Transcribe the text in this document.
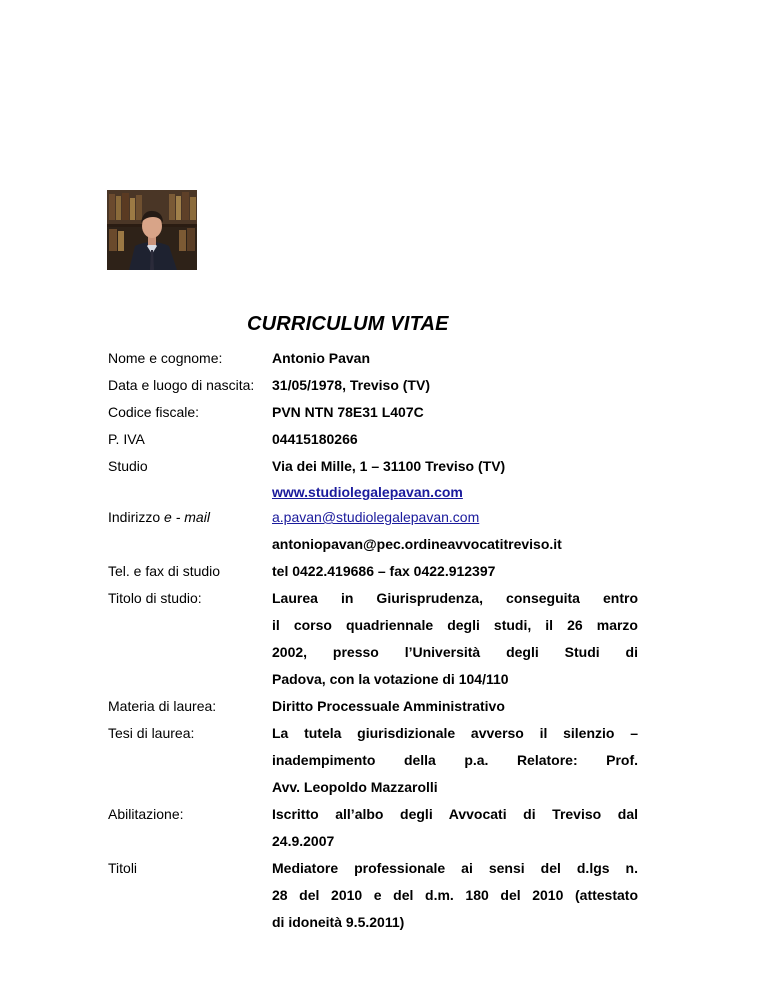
CURRICULUM VITAE
Nome e cognome:	Antonio Pavan
Data e luogo di nascita: 31/05/1978, Treviso (TV)
Codice fiscale:	PVN NTN 78E31 L407C
P. IVA	04415180266
Studio	Via dei Mille, 1 – 31100 Treviso (TV)
www.studiolegalepavan.com
Indirizzo e - mail	a.pavan@studiolegalepavan.com
antoniopavan@pec.ordineavvocatitreviso.it
Tel. e fax di studio	tel 0422.419686 – fax 0422.912397
Titolo di studio:	Laurea in Giurisprudenza, conseguita entro
il corso quadriennale degli studi, il 26 marzo
2002, presso l’Università degli Studi di
Padova, con la votazione di 104/110
Materia di laurea:	Diritto Processuale Amministrativo
Tesi di laurea:	La tutela giurisdizionale avverso il silenzio –
inadempimento della p.a. Relatore: Prof.
Avv. Leopoldo Mazzarolli
Abilitazione:	Iscritto all’albo degli Avvocati di Treviso dal
24.9.2007
Titoli	Mediatore professionale ai sensi del d.lgs n.
28 del 2010 e del d.m. 180 del 2010 (attestato
di idoneità 9.5.2011)
